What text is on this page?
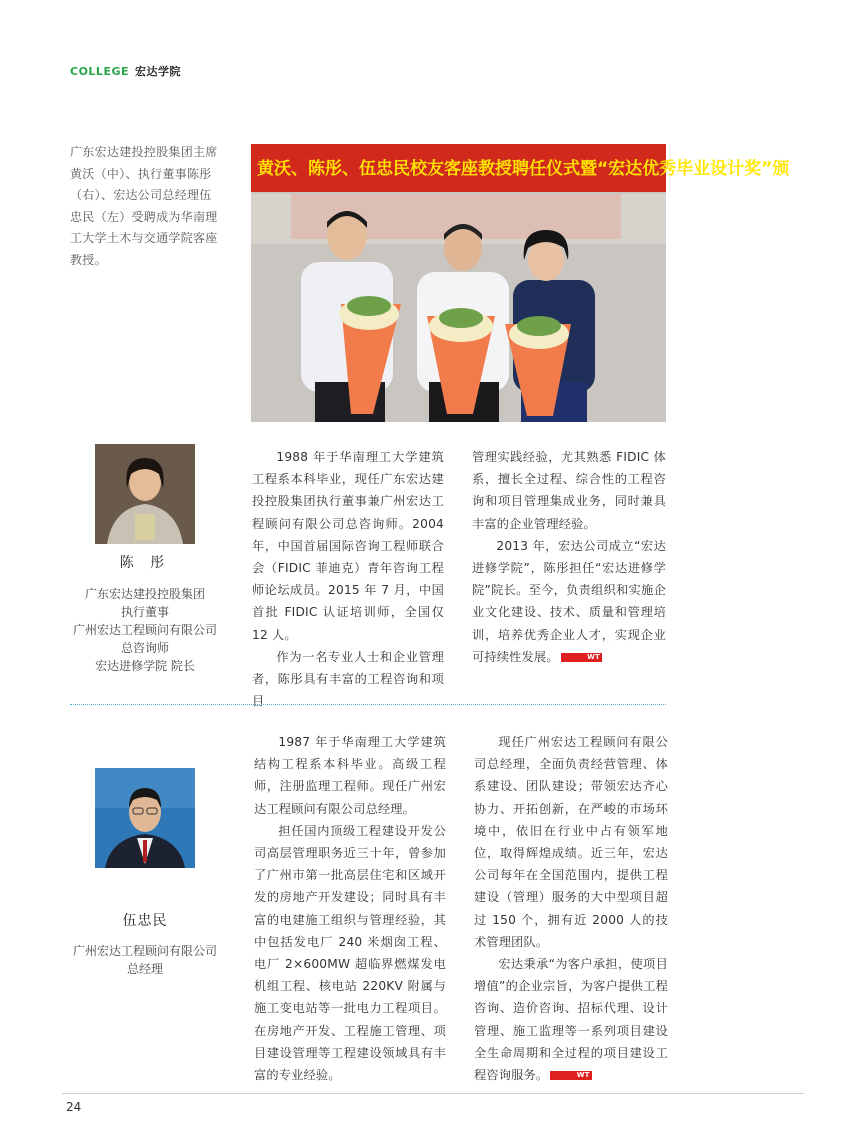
COLLEGE 宏达学院
广东宏达建投控股集团主席黄沃（中）、执行董事陈彤（右）、宏达公司总经理伍忠民（左）受聘成为华南理工大学土木与交通学院客座教授。
黄沃、陈彤、伍忠民校友客座教授聘任仪式暨“宏达优秀毕业设计奖”颁
陈 彤
广东宏达建投控股集团
执行董事
广州宏达工程顾问有限公司
总咨询师
宏达进修学院 院长

1988 年于华南理工大学建筑工程系本科毕业，现任广东宏达建投控股集团执行董事兼广州宏达工程顾问有限公司总咨询师。2004 年，中国首届国际咨询工程师联合会（FIDIC 菲迪克）青年咨询工程师论坛成员。2015 年 7 月，中国首批 FIDIC 认证培训师，全国仅 12 人。

作为一名专业人士和企业管理者，陈彤具有丰富的工程咨询和项目

管理实践经验，尤其熟悉 FIDIC 体系，擅长全过程、综合性的工程咨询和项目管理集成业务，同时兼具丰富的企业管理经验。

2013 年，宏达公司成立“宏达进修学院”，陈彤担任“宏达进修学院”院长。至今，负责组织和实施企业文化建设、技术、质量和管理培训，培养优秀企业人才，实现企业可持续性发展。	WT

伍忠民
广州宏达工程顾问有限公司
总经理

1987 年于华南理工大学建筑结构工程系本科毕业。高级工程师，注册监理工程师。现任广州宏达工程顾问有限公司总经理。

担任国内顶级工程建设开发公司高层管理职务近三十年，曾参加了广州市第一批高层住宅和区域开发的房地产开发建设；同时具有丰富的电建施工组织与管理经验，其中包括发电厂 240 米烟囱工程、电厂 2×600MW 超临界燃煤发电机组工程、核电站 220KV 附属与施工变电站等一批电力工程项目。在房地产开发、工程施工管理、项目建设管理等工程建设领域具有丰富的专业经验。

现任广州宏达工程顾问有限公司总经理，全面负责经营管理、体系建设、团队建设；带领宏达齐心协力、开拓创新，在严峻的市场环境中，依旧在行业中占有领军地位，取得辉煌成绩。近三年，宏达公司每年在全国范围内，提供工程建设（管理）服务的大中型项目超过 150 个，拥有近 2000 人的技术管理团队。

宏达秉承“为客户承担，使项目增值”的企业宗旨，为客户提供工程咨询、造价咨询、招标代理、设计管理、施工监理等一系列项目建设全生命周期和全过程的项目建设工程咨询服务。	WT

24
